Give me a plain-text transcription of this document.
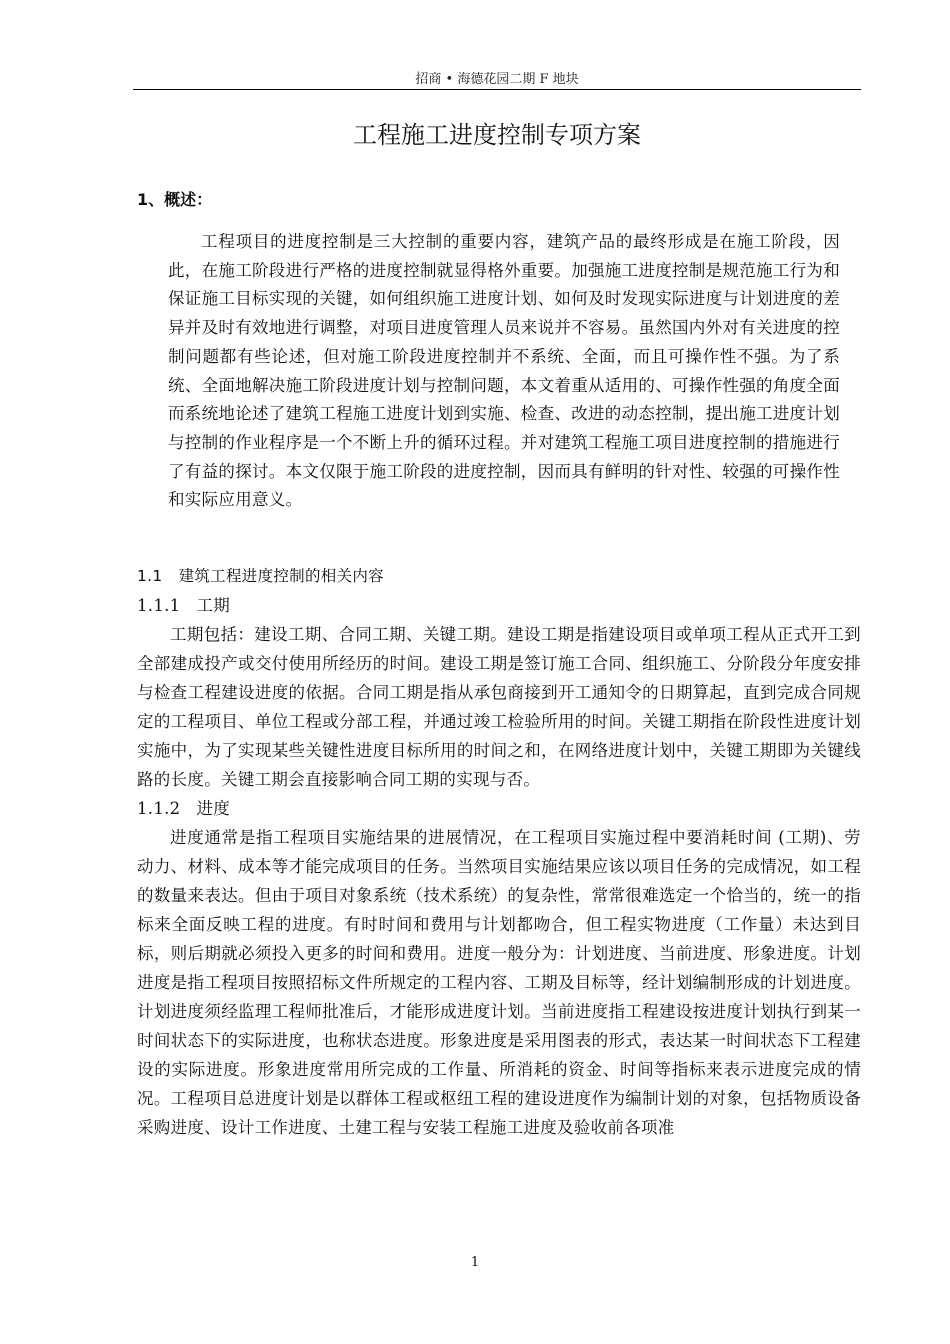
招商 • 海德花园二期 F 地块
工程施工进度控制专项方案
1、概述：

工程项目的进度控制是三大控制的重要内容，建筑产品的最终形成是在施工阶段，因此，在施工阶段进行严格的进度控制就显得格外重要。加强施工进度控制是规范施工行为和保证施工目标实现的关键，如何组织施工进度计划、如何及时发现实际进度与计划进度的差异并及时有效地进行调整，对项目进度管理人员来说并不容易。虽然国内外对有关进度的控制问题都有些论述，但对施工阶段进度控制并不系统、全面，而且可操作性不强。为了系统、全面地解决施工阶段进度计划与控制问题，本文着重从适用的、可操作性强的角度全面而系统地论述了建筑工程施工进度计划到实施、检查、改进的动态控制，提出施工进度计划与控制的作业程序是一个不断上升的循环过程。并对建筑工程施工项目进度控制的措施进行了有益的探讨。本文仅限于施工阶段的进度控制，因而具有鲜明的针对性、较强的可操作性和实际应用意义。

1.1 建筑工程进度控制的相关内容
1.1.1 工期

工期包括：建设工期、合同工期、关键工期。建设工期是指建设项目或单项工程从正式开工到全部建成投产或交付使用所经历的时间。建设工期是签订施工合同、组织施工、分阶段分年度安排与检查工程建设进度的依据。合同工期是指从承包商接到开工通知令的日期算起，直到完成合同规定的工程项目、单位工程或分部工程，并通过竣工检验所用的时间。关键工期指在阶段性进度计划实施中，为了实现某些关键性进度目标所用的时间之和，在网络进度计划中，关键工期即为关键线路的长度。关键工期会直接影响合同工期的实现与否。

1.1.2 进度

进度通常是指工程项目实施结果的进展情况，在工程项目实施过程中要消耗时间 (工期)、劳动力、材料、成本等才能完成项目的任务。当然项目实施结果应该以项目任务的完成情况，如工程的数量来表达。但由于项目对象系统（技术系统）的复杂性，常常很难选定一个恰当的，统一的指标来全面反映工程的进度。有时时间和费用与计划都吻合，但工程实物进度（工作量）未达到目标，则后期就必须投入更多的时间和费用。进度一般分为：计划进度、当前进度、形象进度。计划进度是指工程项目按照招标文件所规定的工程内容、工期及目标等，经计划编制形成的计划进度。计划进度须经监理工程师批准后，才能形成进度计划。当前进度指工程建设按进度计划执行到某一时间状态下的实际进度，也称状态进度。形象进度是采用图表的形式，表达某一时间状态下工程建设的实际进度。形象进度常用所完成的工作量、所消耗的资金、时间等指标来表示进度完成的情况。工程项目总进度计划是以群体工程或枢纽工程的建设进度作为编制计划的对象，包括物质设备采购进度、设计工作进度、土建工程与安装工程施工进度及验收前各项准

1
